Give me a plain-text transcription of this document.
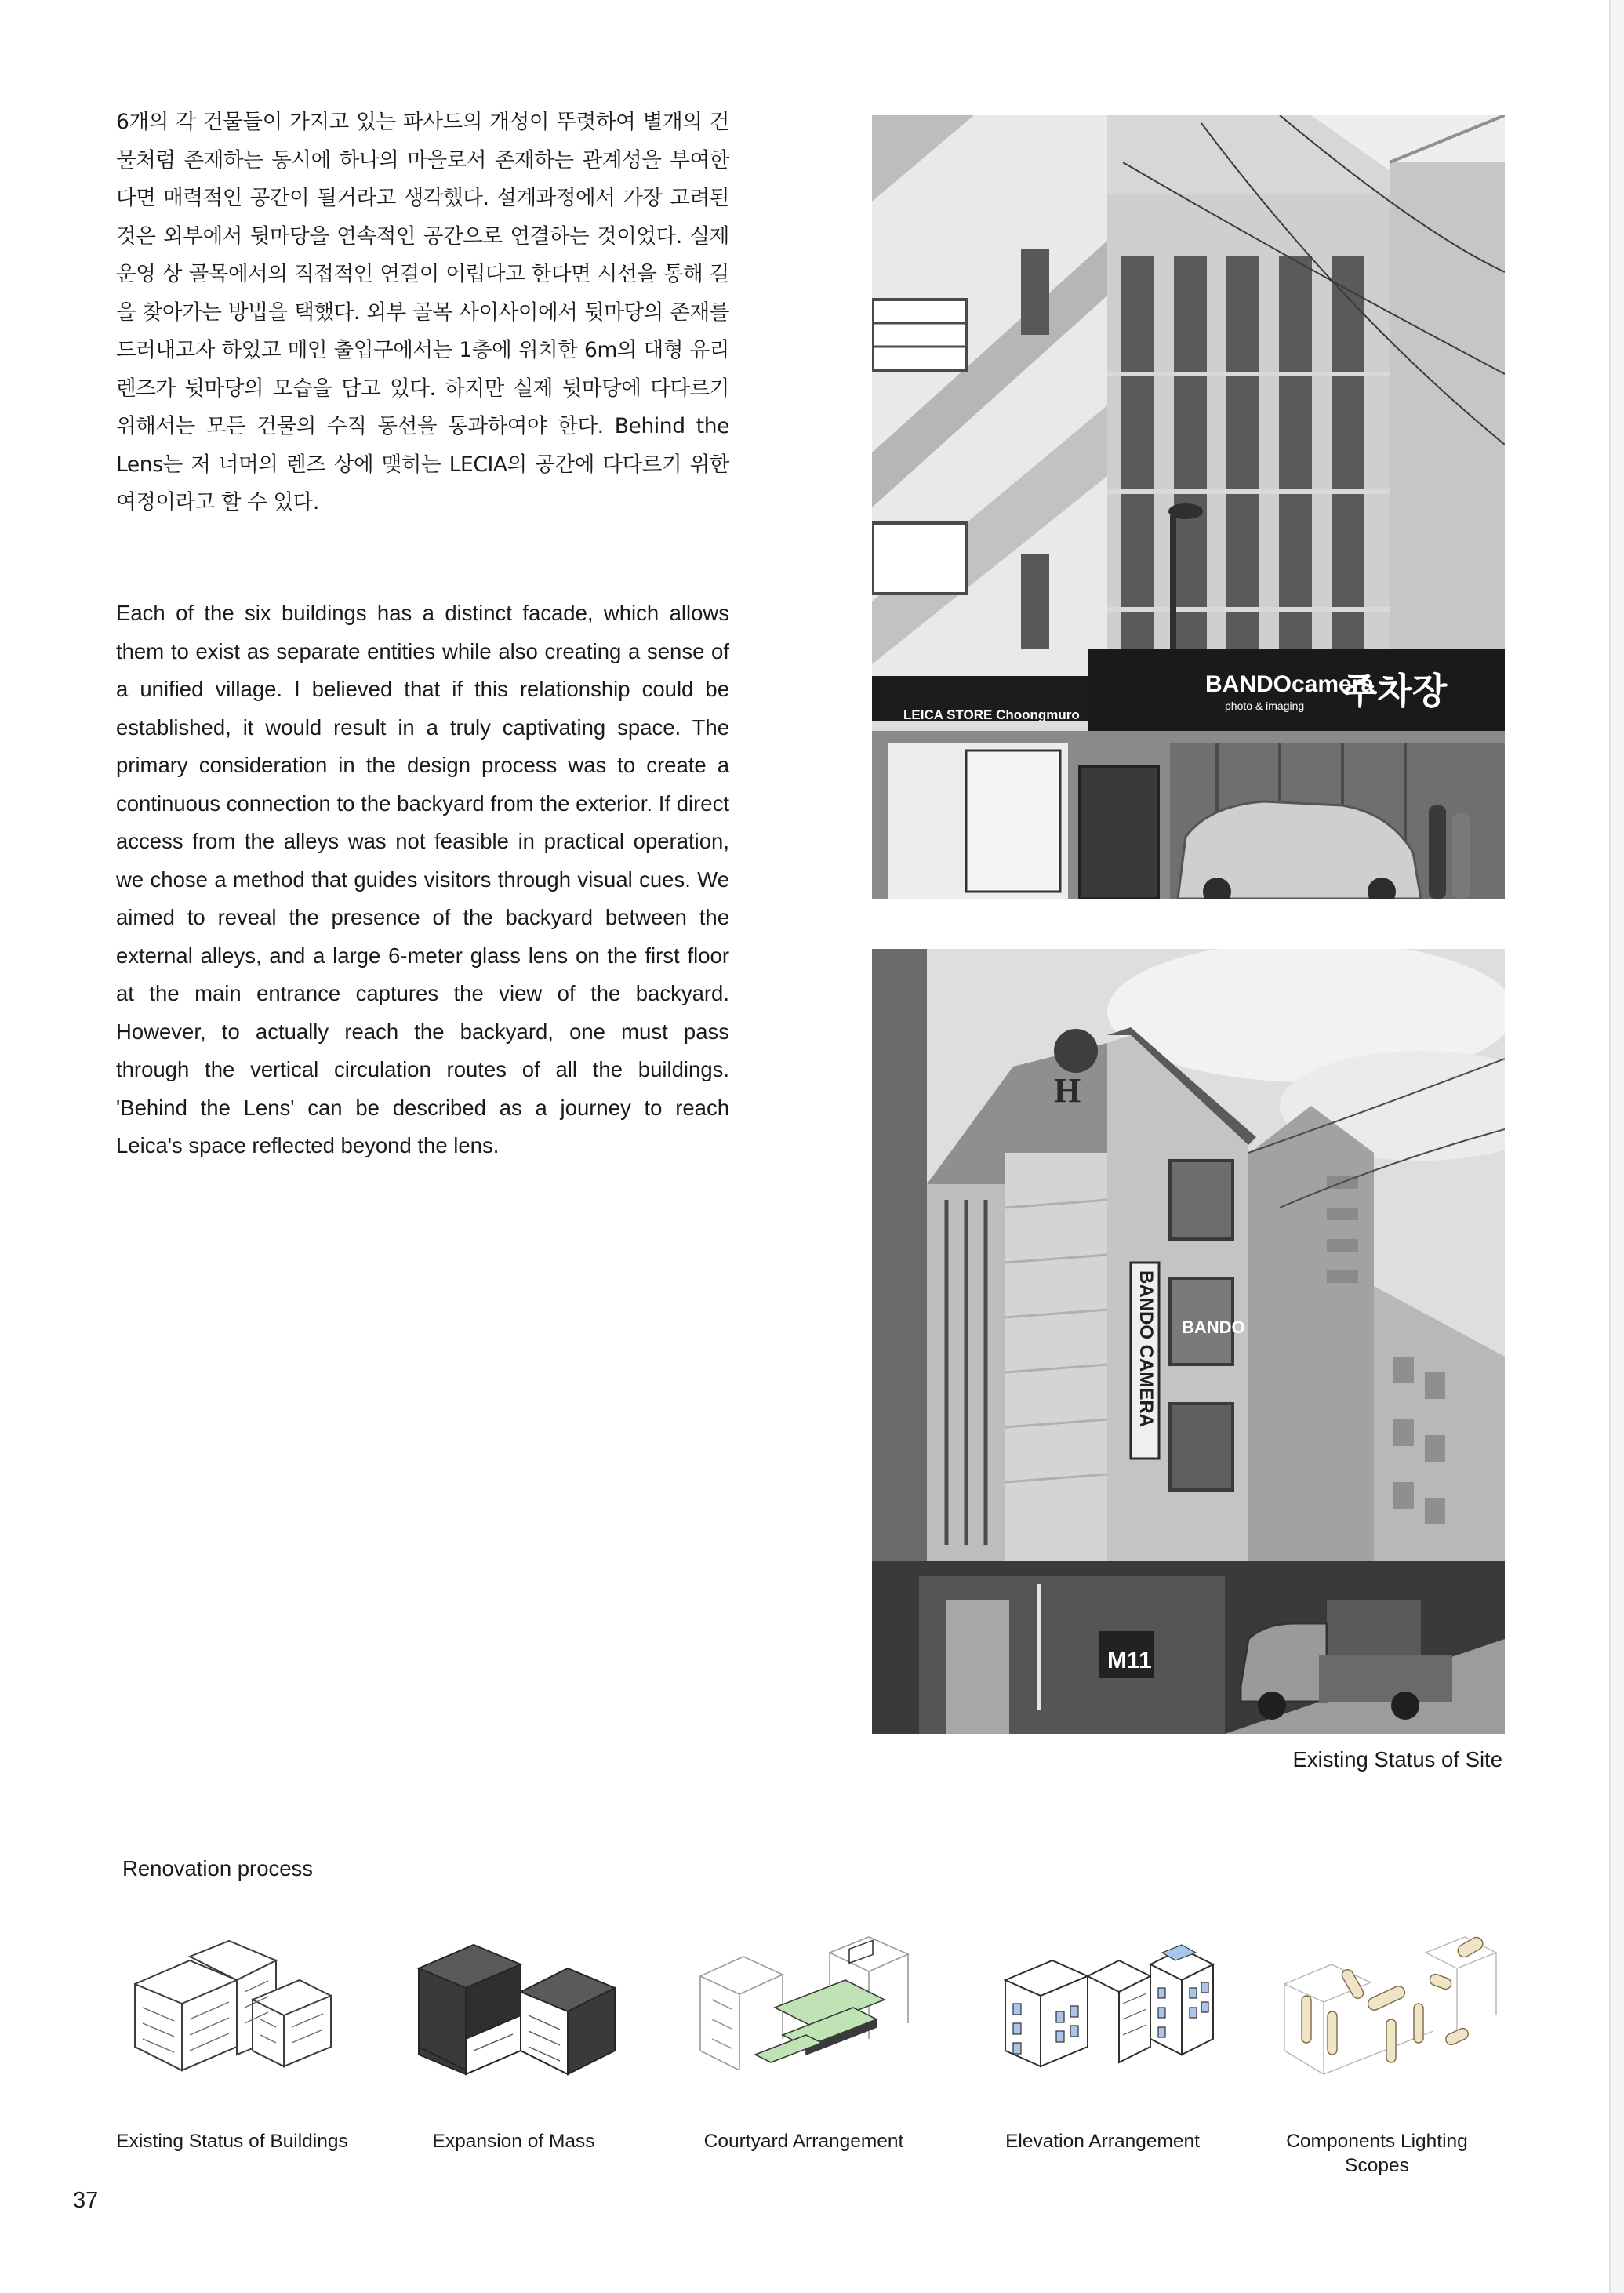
6개의 각 건물들이 가지고 있는 파사드의 개성이 뚜렷하여 별개의 건물처럼 존재하는 동시에 하나의 마을로서 존재하는 관계성을 부여한다면 매력적인 공간이 될거라고 생각했다. 설계과정에서 가장 고려된 것은 외부에서 뒷마당을 연속적인 공간으로 연결하는 것이었다. 실제 운영 상 골목에서의 직접적인 연결이 어렵다고 한다면 시선을 통해 길을 찾아가는 방법을 택했다. 외부 골목 사이사이에서 뒷마당의 존재를 드러내고자 하였고 메인 출입구에서는 1층에 위치한 6m의 대형 유리렌즈가 뒷마당의 모습을 담고 있다. 하지만 실제 뒷마당에 다다르기 위해서는 모든 건물의 수직 동선을 통과하여야 한다. Behind the Lens는 저 너머의 렌즈 상에 맺히는 LECIA의 공간에 다다르기 위한 여정이라고 할 수 있다.

Each of the six buildings has a distinct facade, which allows them to exist as separate entities while also creating a sense of a unified village. I believed that if this relationship could be established, it would result in a truly captivating space. The primary consideration in the design process was to create a continuous connection to the backyard from the exterior. If direct access from the alleys was not feasible in practical operation, we chose a method that guides visitors through visual cues. We aimed to reveal the presence of the backyard between the external alleys, and a large 6-meter glass lens on the first floor at the main entrance captures the view of the backyard. However, to actually reach the backyard, one must pass through the vertical circulation routes of all the buildings. 'Behind the Lens' can be described as a journey to reach Leica's space reflected beyond the lens.

LEICA STORE Choongmuro
BANDOcamera
photo & imaging 주차장
H
BANDO CAMERA BANDO
M11
Existing Status of Site
Renovation process
Existing Status of Buildings	Expansion of Mass	Courtyard Arrangement	Elevation Arrangement	Components Lighting Scopes
37
